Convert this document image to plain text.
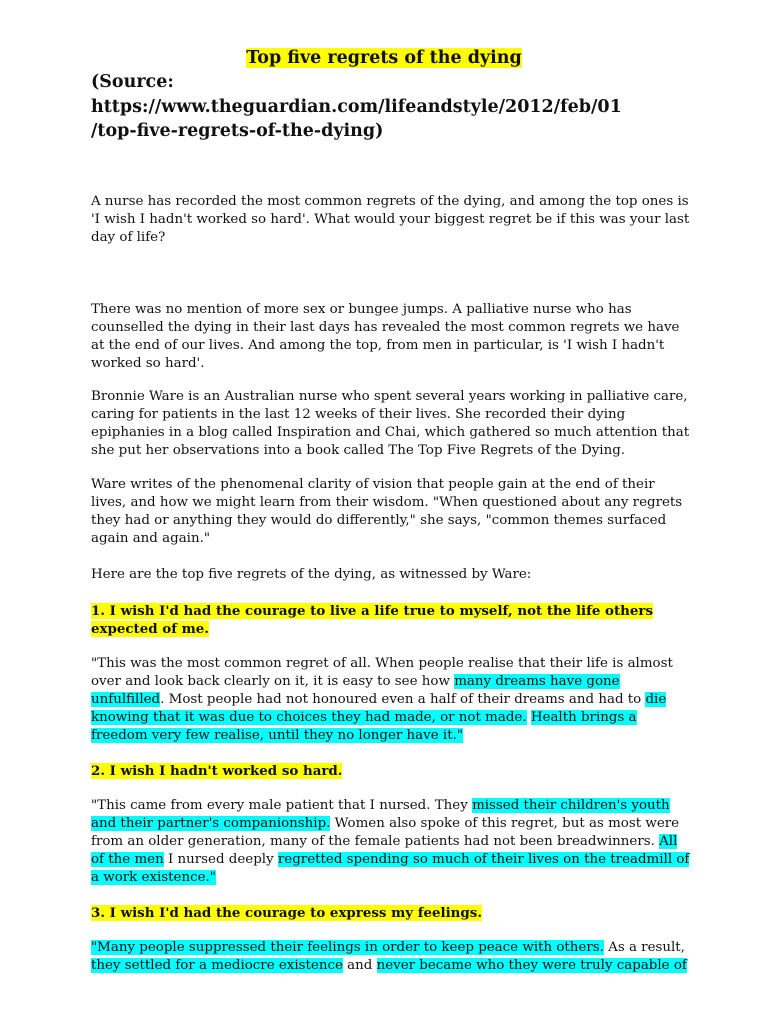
Top five regrets of the dying
(Source:
https://www.theguardian.com/lifeandstyle/2012/feb/01
/top-five-regrets-of-the-dying)
A nurse has recorded the most common regrets of the dying, and among the top ones is 'I wish I hadn't worked so hard'. What would your biggest regret be if this was your last day of life?
There was no mention of more sex or bungee jumps. A palliative nurse who has counselled the dying in their last days has revealed the most common regrets we have at the end of our lives. And among the top, from men in particular, is 'I wish I hadn't worked so hard'.
Bronnie Ware is an Australian nurse who spent several years working in palliative care, caring for patients in the last 12 weeks of their lives. She recorded their dying epiphanies in a blog called Inspiration and Chai, which gathered so much attention that she put her observations into a book called The Top Five Regrets of the Dying.
Ware writes of the phenomenal clarity of vision that people gain at the end of their lives, and how we might learn from their wisdom. "When questioned about any regrets they had or anything they would do differently," she says, "common themes surfaced again and again."
Here are the top five regrets of the dying, as witnessed by Ware:
1. I wish I'd had the courage to live a life true to myself, not the life others expected of me.
"This was the most common regret of all. When people realise that their life is almost over and look back clearly on it, it is easy to see how many dreams have gone unfulfilled. Most people had not honoured even a half of their dreams and had to die knowing that it was due to choices they had made, or not made. Health brings a freedom very few realise, until they no longer have it."
2. I wish I hadn't worked so hard.
"This came from every male patient that I nursed. They missed their children's youth and their partner's companionship. Women also spoke of this regret, but as most were from an older generation, many of the female patients had not been breadwinners. All of the men I nursed deeply regretted spending so much of their lives on the treadmill of a work existence."
3. I wish I'd had the courage to express my feelings.
"Many people suppressed their feelings in order to keep peace with others. As a result, they settled for a mediocre existence and never became who they were truly capable of
